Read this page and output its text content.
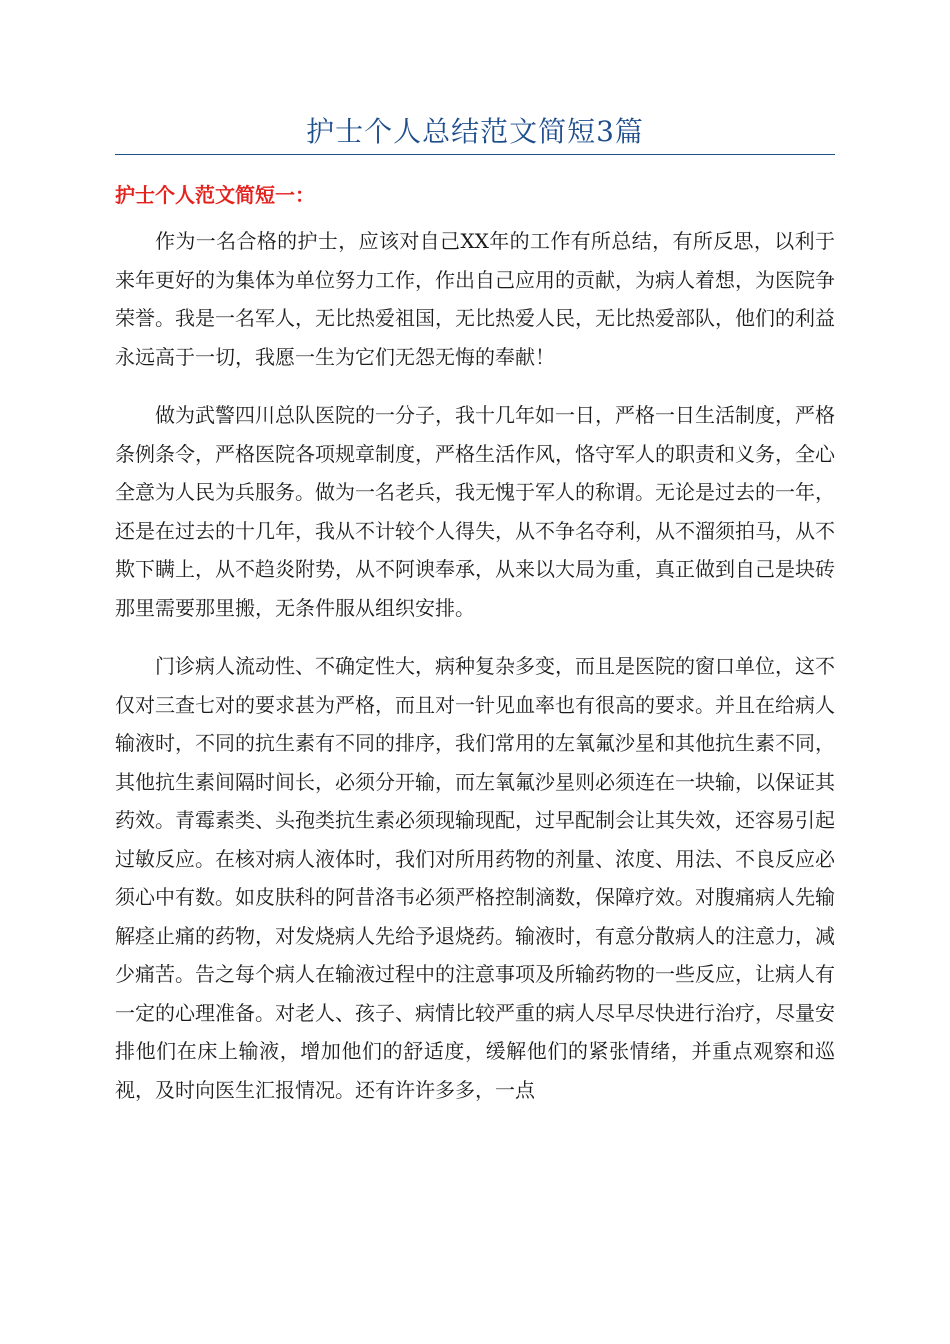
护士个人总结范文简短3篇
护士个人范文简短一：

作为一名合格的护士，应该对自己XX年的工作有所总结，有所反思，以利于来年更好的为集体为单位努力工作，作出自己应用的贡献，为病人着想，为医院争荣誉。我是一名军人，无比热爱祖国，无比热爱人民，无比热爱部队，他们的利益永远高于一切，我愿一生为它们无怨无悔的奉献！

做为武警四川总队医院的一分子，我十几年如一日，严格一日生活制度，严格条例条令，严格医院各项规章制度，严格生活作风，恪守军人的职责和义务，全心全意为人民为兵服务。做为一名老兵，我无愧于军人的称谓。无论是过去的一年，还是在过去的十几年，我从不计较个人得失，从不争名夺利，从不溜须拍马，从不欺下瞒上，从不趋炎附势，从不阿谀奉承，从来以大局为重，真正做到自己是块砖那里需要那里搬，无条件服从组织安排。

门诊病人流动性、不确定性大，病种复杂多变，而且是医院的窗口单位，这不仅对三查七对的要求甚为严格，而且对一针见血率也有很高的要求。并且在给病人输液时，不同的抗生素有不同的排序，我们常用的左氧氟沙星和其他抗生素不同，其他抗生素间隔时间长，必须分开输，而左氧氟沙星则必须连在一块输，以保证其药效。青霉素类、头孢类抗生素必须现输现配，过早配制会让其失效，还容易引起过敏反应。在核对病人液体时，我们对所用药物的剂量、浓度、用法、不良反应必须心中有数。如皮肤科的阿昔洛韦必须严格控制滴数，保障疗效。对腹痛病人先输解痉止痛的药物，对发烧病人先给予退烧药。输液时，有意分散病人的注意力，减少痛苦。告之每个病人在输液过程中的注意事项及所输药物的一些反应，让病人有一定的心理准备。对老人、孩子、病情比较严重的病人尽早尽快进行治疗，尽量安排他们在床上输液，增加他们的舒适度，缓解他们的紧张情绪，并重点观察和巡视，及时向医生汇报情况。还有许许多多，一点
